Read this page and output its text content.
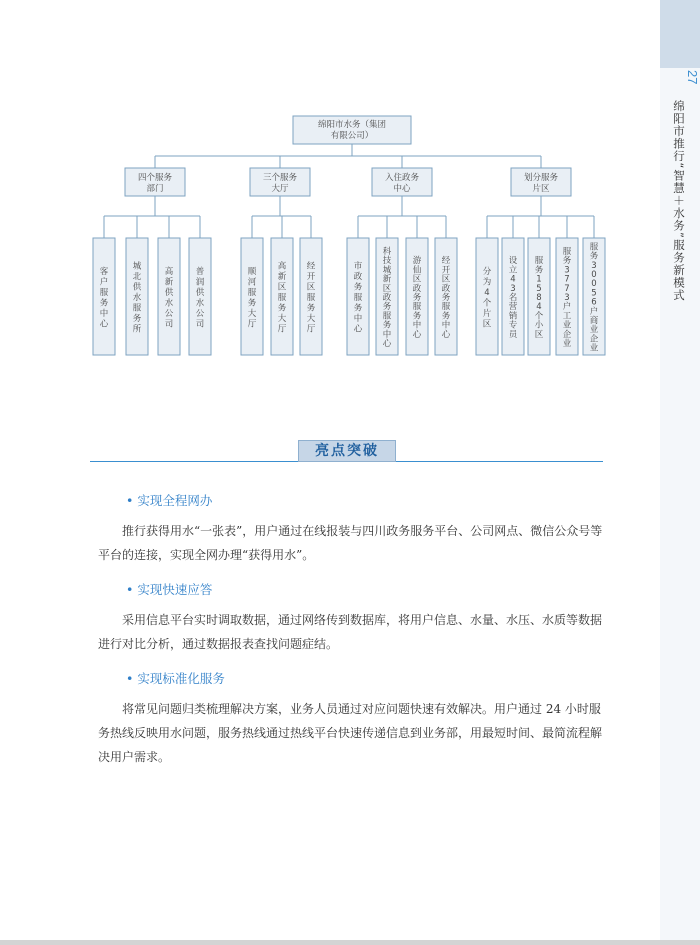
27
绵阳市推行“智慧＋水务”服务新模式
绵阳市水务（集团
有限公司）
四个服务
部门
客
户
服
务
中
心
城
北
供
水
服
务
所
高
新
供
水
公
司
普
润
供
水
公
司
三个服务
大厅
顺
河
服
务
大
厅
高
新
区
服
务
大
厅
经
开
区
服
务
大
厅
入住政务
中心
市
政
务
服
务
中
心
科
技
城
新
区
政
务
服
务
中
心
游
仙
区
政
务
服
务
中
心
经
开
区
政
务
服
务
中
心
划分服务
片区
分
为
4
个
片
区
设
立
4
3
名
营
销
专
员
服
务
1
5
8
4
个
小
区
服
务
3
7
7
3
户
工
业
企
业
服
务
3
0
0
5
6
户
商
业
企
业
亮点突破

• 实现全程网办

推行获得用水“一张表”，用户通过在线报装与四川政务服务平台、公司网点、微信公众号等平台的连接，实现全网办理“获得用水”。

• 实现快速应答

采用信息平台实时调取数据，通过网络传到数据库，将用户信息、水量、水压、水质等数据进行对比分析，通过数据报表查找问题症结。

• 实现标准化服务

将常见问题归类梳理解决方案，业务人员通过对应问题快速有效解决。用户通过 24 小时服务热线反映用水问题，服务热线通过热线平台快速传递信息到业务部，用最短时间、最简流程解决用户需求。
